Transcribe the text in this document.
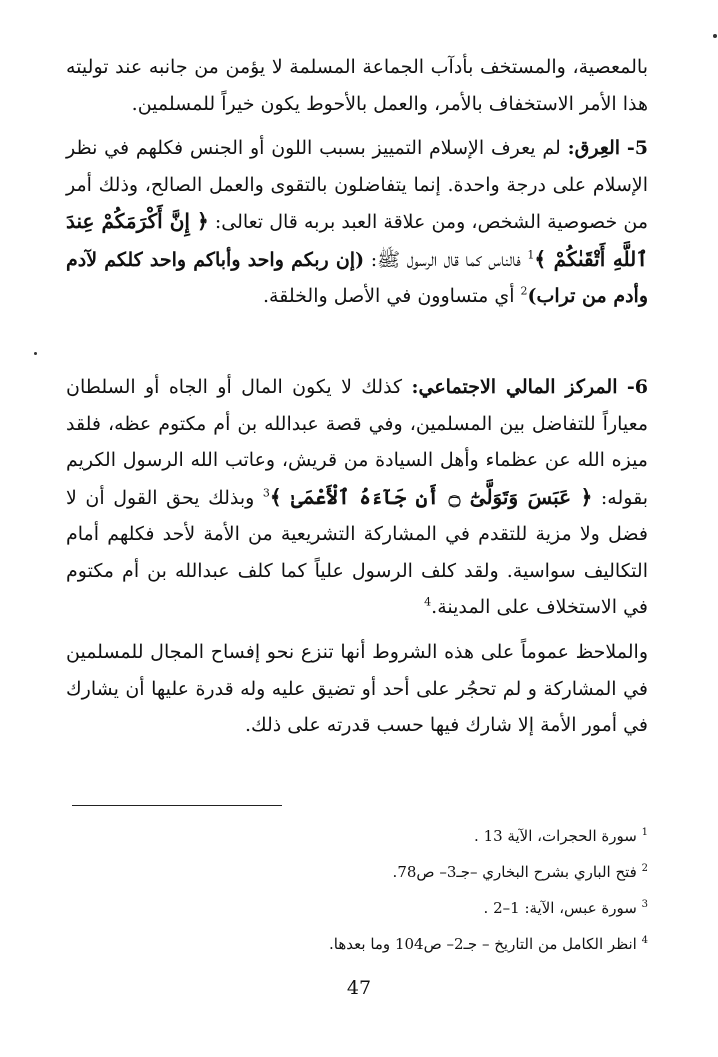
بالمعصية، والمستخف بأدآب الجماعة المسلمة لا يؤمن من جانبه عند توليته هذا الأمر الاستخفاف بالأمر، والعمل بالأحوط يكون خيراً للمسلمين.

5- العِرق: لم يعرف الإسلام التمييز بسبب اللون أو الجنس فكلهم في نظر الإسلام على درجة واحدة. إنما يتفاضلون بالتقوى والعمل الصالح، وذلك أمر من خصوصية الشخص، ومن علاقة العبد بربه قال تعالى: ﴿ إِنَّ أَكْرَمَكُمْ عِندَ ٱللَّهِ أَتْقَىٰكُمْ ﴾$^1$ فالناس كما قال الرسول ﷺ: (إن ربكم واحد وأباكم واحد كلكم لآدم وأدم من تراب)$^2$ أي متساوون في الأصل والخلقة.

6- المركز المالي الاجتماعي: كذلك لا يكون المال أو الجاه أو السلطان معياراً للتفاضل بين المسلمين، وفي قصة عبدالله بن أم مكتوم عظه، فلقد ميزه الله عن عظماء وأهل السيادة من قريش، وعاتب الله الرسول الكريم بقوله: ﴿ عَبَسَ وَتَوَلَّىٰٓ ۝ أَن جَآءَهُ ٱلْأَعْمَىٰ ﴾$^3$ وبذلك يحق القول أن لا فضل ولا مزية للتقدم في المشاركة التشريعية من الأمة لأحد فكلهم أمام التكاليف سواسية. ولقد كلف الرسول علياً كما كلف عبدالله بن أم مكتوم في الاستخلاف على المدينة.$^4$

والملاحظ عموماً على هذه الشروط أنها تنزع نحو إفساح المجال للمسلمين في المشاركة و لم تحجُر على أحد أو تضيق عليه وله قدرة عليها أن يشارك في أمور الأمة إلا شارك فيها حسب قدرته على ذلك.

$^1$ سورة الحجرات، الآية 13 .

$^2$ فتح الباري بشرح البخاري –جـ3– ص78.

$^3$ سورة عبس، الآية: 1–2 .

$^4$ انظر الكامل من التاريخ – جـ2– ص104 وما بعدها.

47
